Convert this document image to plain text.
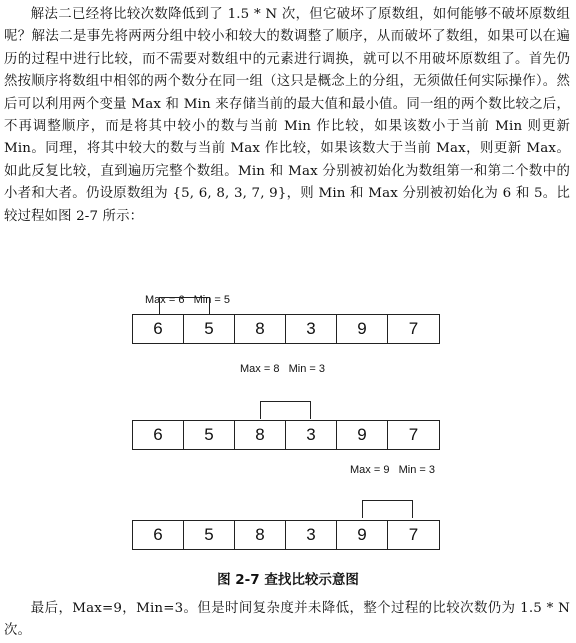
解法二已经将比较次数降低到了 1.5 * N 次，但它破坏了原数组，如何能够不破坏原数组呢？解法二是事先将两两分组中较小和较大的数调整了顺序，从而破坏了数组，如果可以在遍历的过程中进行比较，而不需要对数组中的元素进行调换，就可以不用破坏原数组了。首先仍然按顺序将数组中相邻的两个数分在同一组（这只是概念上的分组，无须做任何实际操作）。然后可以利用两个变量 Max 和 Min 来存储当前的最大值和最小值。同一组的两个数比较之后，不再调整顺序，而是将其中较小的数与当前 Min 作比较，如果该数小于当前 Min 则更新 Min。同理，将其中较大的数与当前 Max 作比较，如果该数大于当前 Max，则更新 Max。如此反复比较，直到遍历完整个数组。Min 和 Max 分别被初始化为数组第一和第二个数中的小者和大者。仍设原数组为 {5, 6, 8, 3, 7, 9}，则 Min 和 Max 分别被初始化为 6 和 5。比较过程如图 2-7 所示：

Max = 6   Min = 5
6	5	8	3	9	7
Max = 8   Min = 3
6	5	8	3	9	7
Max = 9   Min = 3
6	5	8	3	9	7
图 2-7 查找比较示意图

最后，Max=9，Min=3。但是时间复杂度并未降低，整个过程的比较次数仍为 1.5 * N 次。
